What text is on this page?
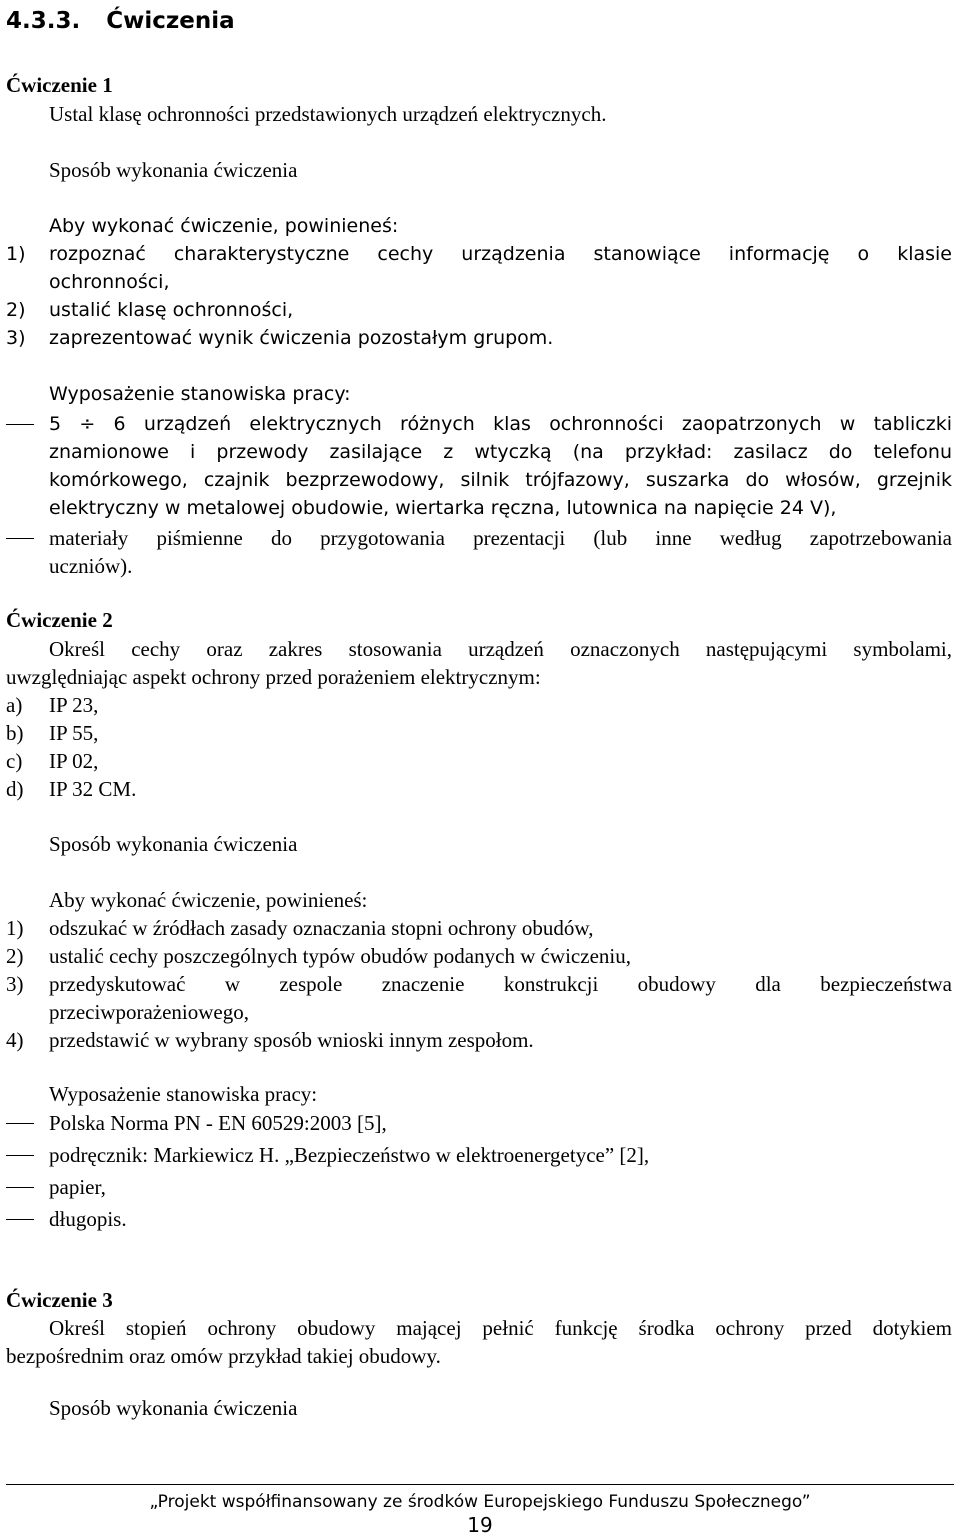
4.3.3. Ćwiczenia
Ćwiczenie 1
Ustal klasę ochronności przedstawionych urządzeń elektrycznych.
Sposób wykonania ćwiczenia
Aby wykonać ćwiczenie, powinieneś:
1) rozpoznać charakterystyczne cechy urządzenia stanowiące informację o klasie
ochronności,
2) ustalić klasę ochronności,
3) zaprezentować wynik ćwiczenia pozostałym grupom.
Wyposażenie stanowiska pracy:
5 ÷ 6 urządzeń elektrycznych różnych klas ochronności zaopatrzonych w tabliczki
znamionowe i przewody zasilające z wtyczką (na przykład: zasilacz do telefonu
komórkowego, czajnik bezprzewodowy, silnik trójfazowy, suszarka do włosów, grzejnik
elektryczny w metalowej obudowie, wiertarka ręczna, lutownica na napięcie 24 V),
materiały piśmienne do przygotowania prezentacji (lub inne według zapotrzebowania
uczniów).
Ćwiczenie 2
Określ cechy oraz zakres stosowania urządzeń oznaczonych następującymi symbolami,
uwzględniając aspekt ochrony przed porażeniem elektrycznym:
a) IP 23,
b) IP 55,
c) IP 02,
d) IP 32 CM.
Sposób wykonania ćwiczenia
Aby wykonać ćwiczenie, powinieneś:
1) odszukać w źródłach zasady oznaczania stopni ochrony obudów,
2) ustalić cechy poszczególnych typów obudów podanych w ćwiczeniu,
3) przedyskutować w zespole znaczenie konstrukcji obudowy dla bezpieczeństwa
przeciwporażeniowego,
4) przedstawić w wybrany sposób wnioski innym zespołom.
Wyposażenie stanowiska pracy:
Polska Norma PN - EN 60529:2003 [5],
podręcznik: Markiewicz H. „Bezpieczeństwo w elektroenergetyce” [2],
papier,
długopis.
Ćwiczenie 3
Określ stopień ochrony obudowy mającej pełnić funkcję środka ochrony przed dotykiem
bezpośrednim oraz omów przykład takiej obudowy.
Sposób wykonania ćwiczenia
„Projekt współfinansowany ze środków Europejskiego Funduszu Społecznego”
19
